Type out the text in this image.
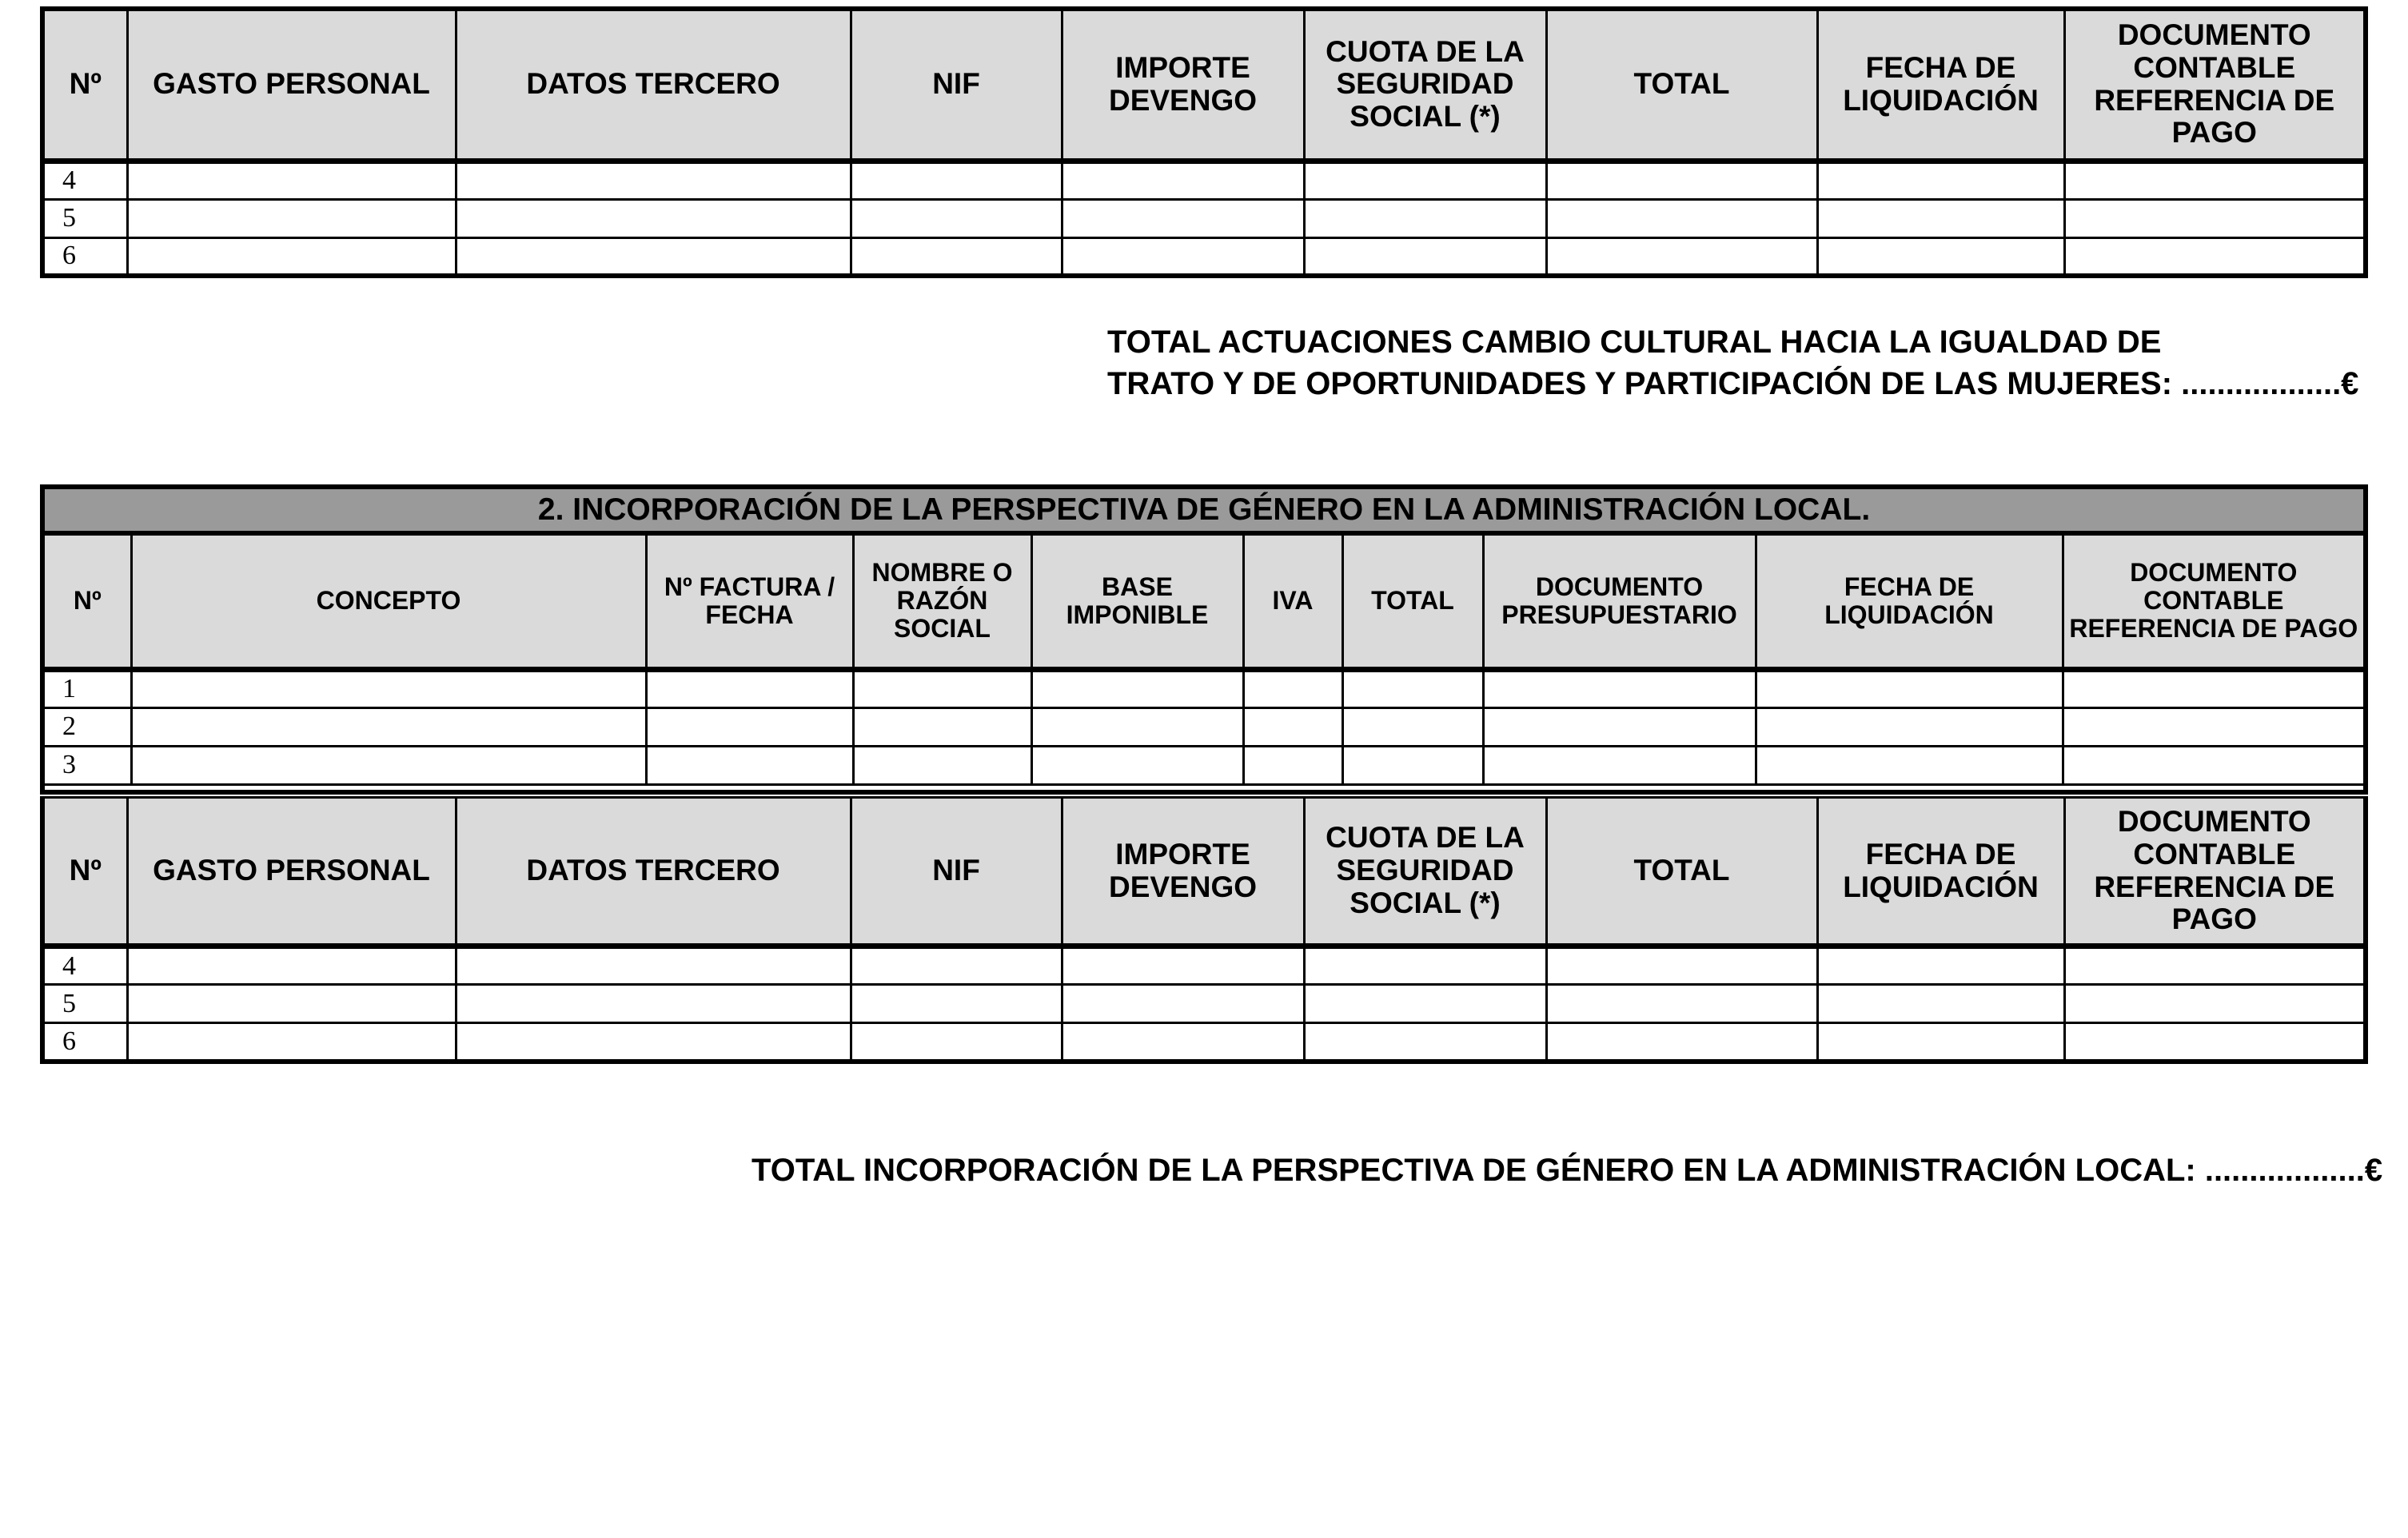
Nº	GASTO PERSONAL	DATOS TERCERO	NIF	IMPORTE DEVENGO	CUOTA DE LA SEGURIDAD SOCIAL (*)	TOTAL	FECHA DE LIQUIDACIÓN	DOCUMENTO CONTABLE REFERENCIA DE PAGO
4								
5								
6								
TOTAL ACTUACIONES CAMBIO CULTURAL HACIA LA IGUALDAD DE
TRATO Y DE OPORTUNIDADES Y PARTICIPACIÓN DE LAS MUJERES: ..................€
2. INCORPORACIÓN DE LA PERSPECTIVA DE GÉNERO EN LA ADMINISTRACIÓN LOCAL.									
Nº	CONCEPTO	Nº FACTURA / FECHA	NOMBRE O RAZÓN SOCIAL	BASE IMPONIBLE	IVA	TOTAL	DOCUMENTO PRESUPUESTARIO	FECHA DE LIQUIDACIÓN	DOCUMENTO CONTABLE REFERENCIA DE PAGO
1									
2									
3									

Nº	GASTO PERSONAL	DATOS TERCERO	NIF	IMPORTE DEVENGO	CUOTA DE LA SEGURIDAD SOCIAL (*)	TOTAL	FECHA DE LIQUIDACIÓN	DOCUMENTO CONTABLE REFERENCIA DE PAGO
4								
5								
6								
TOTAL INCORPORACIÓN DE LA PERSPECTIVA DE GÉNERO EN LA ADMINISTRACIÓN LOCAL: ..................€
